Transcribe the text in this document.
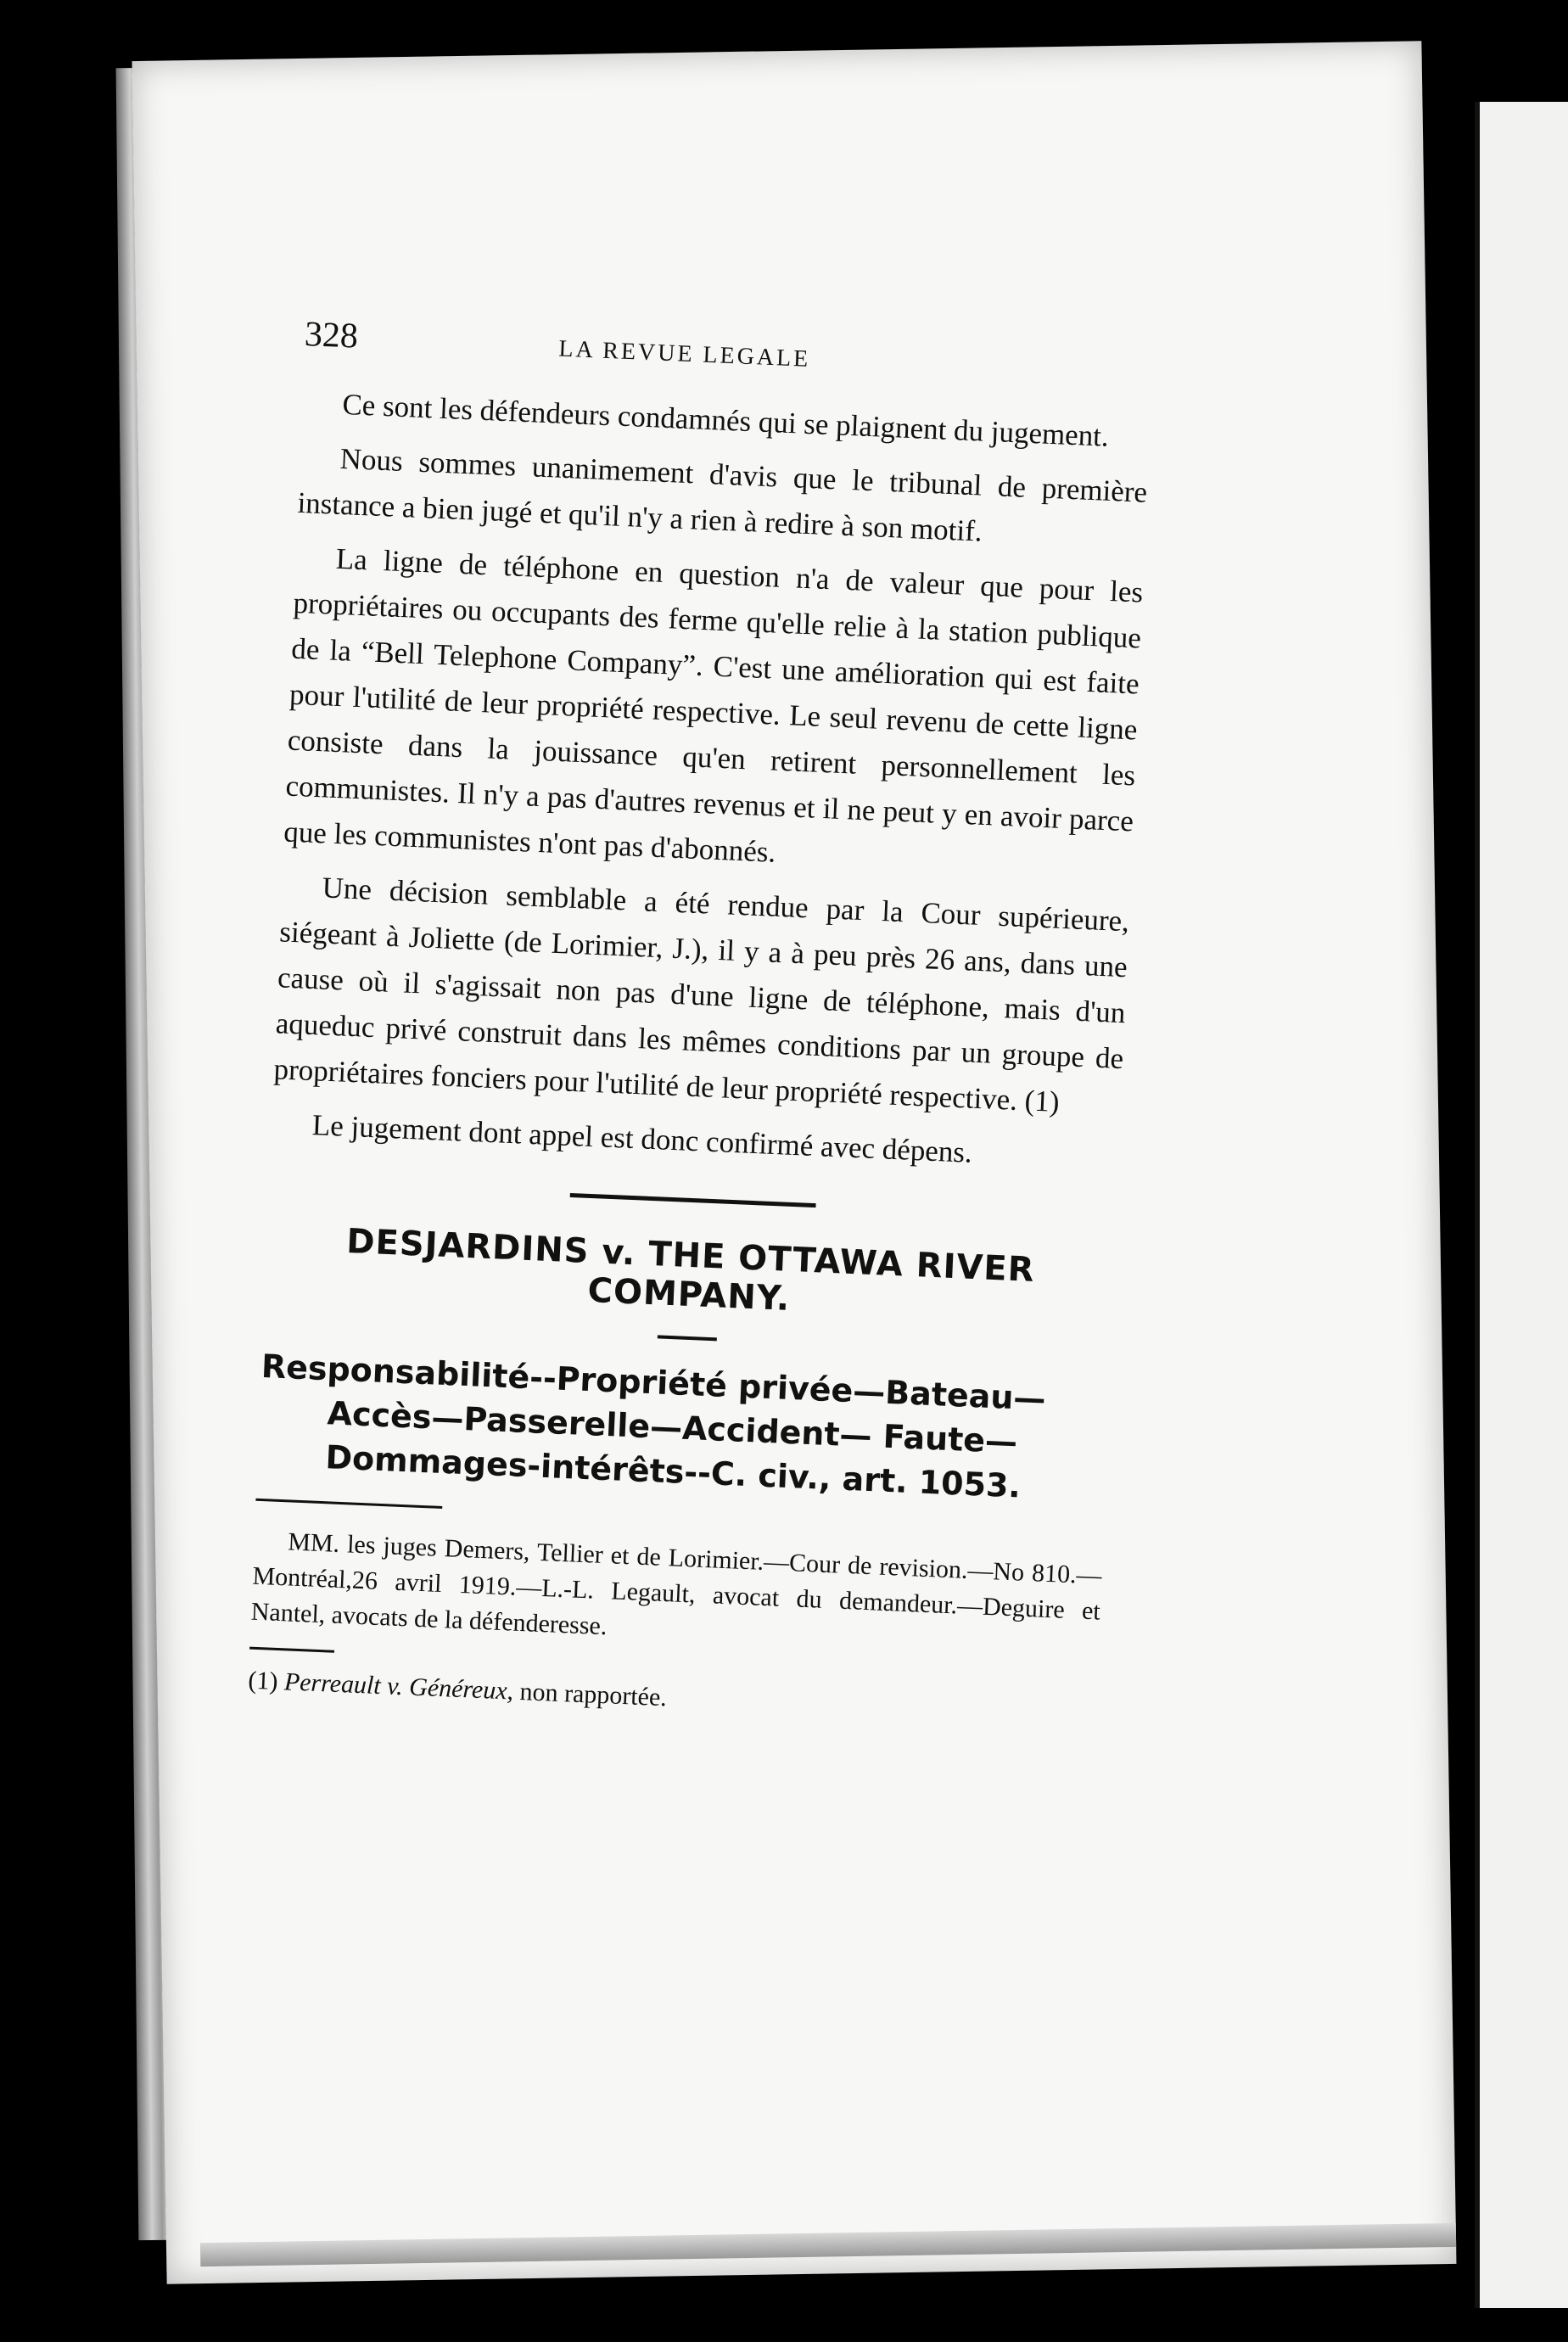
328	LA REVUE LEGALE

Ce sont les défendeurs condamnés qui se plaignent du jugement.

Nous sommes unanimement d'avis que le tribunal de première instance a bien jugé et qu'il n'y a rien à redire à son motif.

La ligne de téléphone en question n'a de valeur que pour les propriétaires ou occupants des ferme qu'elle relie à la station publique de la “Bell Telephone Company”. C'est une amélioration qui est faite pour l'utilité de leur propriété respective. Le seul revenu de cette ligne consiste dans la jouissance qu'en retirent personnellement les communistes. Il n'y a pas d'autres revenus et il ne peut y en avoir parce que les communistes n'ont pas d'abonnés.

Une décision semblable a été rendue par la Cour supérieure, siégeant à Joliette (de Lorimier, J.), il y a à peu près 26 ans, dans une cause où il s'agissait non pas d'une ligne de téléphone, mais d'un aqueduc privé construit dans les mêmes conditions par un groupe de propriétaires fonciers pour l'utilité de leur propriété respective. (1)

Le jugement dont appel est donc confirmé avec dépens.

DESJARDINS v. THE OTTAWA RIVER COMPANY.

Responsabilité--Propriété privée—Bateau—Accès—Passerelle—Accident— Faute— Dommages-intérêts--C. civ., art. 1053.

MM. les juges Demers, Tellier et de Lorimier.—Cour de revision.—No 810.—Montréal,26 avril 1919.—L.-L. Legault, avocat du demandeur.—Deguire et Nantel, avocats de la défenderesse.

(1) Perreault v. Généreux, non rapportée.
